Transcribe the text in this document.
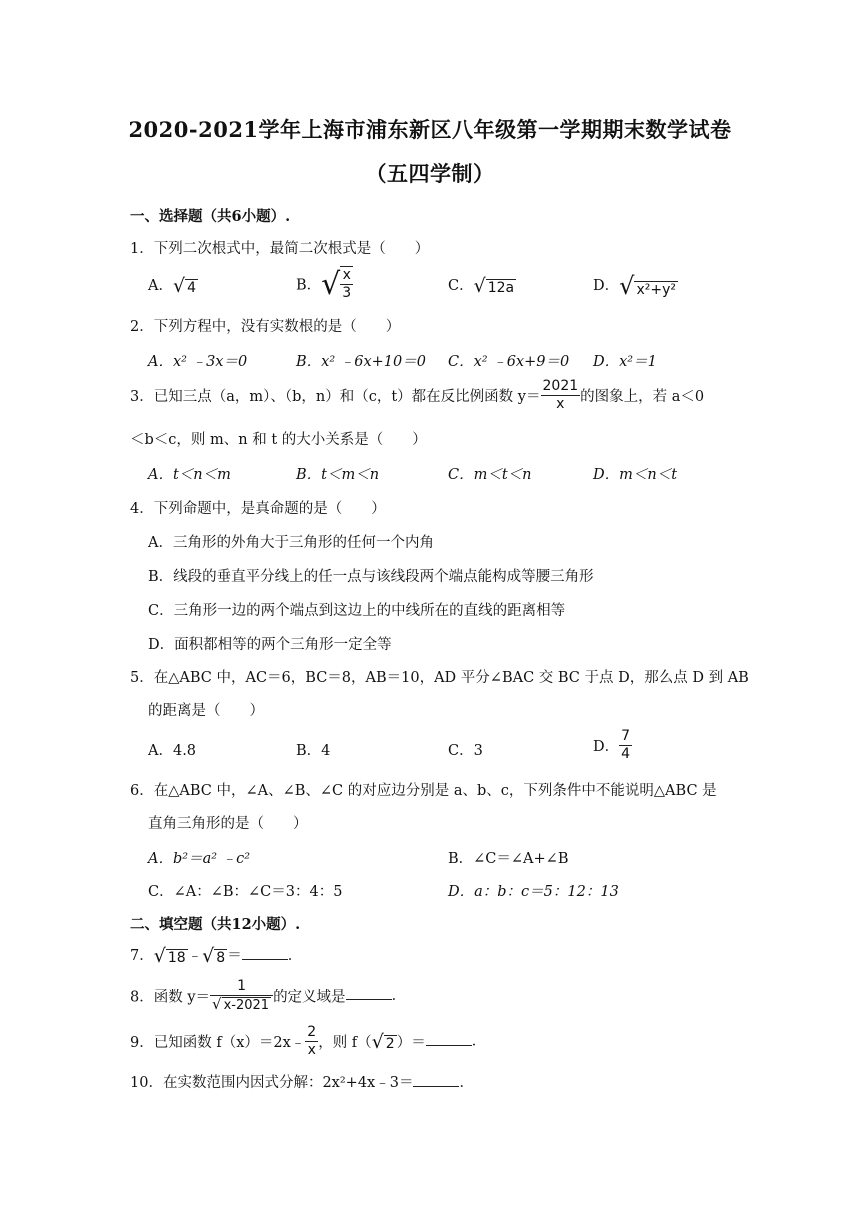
2020-2021学年上海市浦东新区八年级第一学期期末数学试卷
（五四学制）
一、选择题（共6小题）.
1．下列二次根式中，最简二次根式是（　　）
A．√ 4	B．√ $\frac{x}{3}$	C．√ 12a	D．√ x²+y²
2．下列方程中，没有实数根的是（　　）
A．x² ﹣3x＝0	B．x² ﹣6x+10＝0 C．x² ﹣6x+9＝0 D．x²＝1
3．已知三点（a，m）、（b，n）和（c，t）都在反比例函数 $y= \frac{2021}{x}$ 的图象上，若 a＜0
＜b＜c，则 m、n 和 t 的大小关系是（　　）
A．t＜n＜m	B．t＜m＜n	C．m＜t＜n	D．m＜n＜t
4．下列命题中，是真命题的是（　　）
A．三角形的外角大于三角形的任何一个内角
B．线段的垂直平分线上的任一点与该线段两个端点能构成等腰三角形
C．三角形一边的两个端点到这边上的中线所在的直线的距离相等
D．面积都相等的两个三角形一定全等
5．在△ABC 中，AC＝6，BC＝8，AB＝10，AD 平分∠BAC 交 BC 于点 D，那么点 D 到 AB
的距离是（　　）
A．4.8	B．4	C．3	D． $\frac{7}{4}$
6．在△ABC 中，∠A、∠B、∠C 的对应边分别是 a、b、c，下列条件中不能说明△ABC 是
直角三角形的是（　　）
A．b²＝a² ﹣c²	B．∠C＝∠A+∠B
C．∠A：∠B：∠C＝3：4：5	D．a：b：c＝5：12：13
二、填空题（共12小题）.
7．√ 18 ﹣√ 8 ＝	．
8．函数 $y= \frac{1}{√ x-2021}$ 的定义域是	．
9．已知函数 f（x）＝2x﹣ $\frac{2}{x}$ ，则 f（√ 2 ）＝	．
10．在实数范围内因式分解：2x²+4x﹣3＝	．
